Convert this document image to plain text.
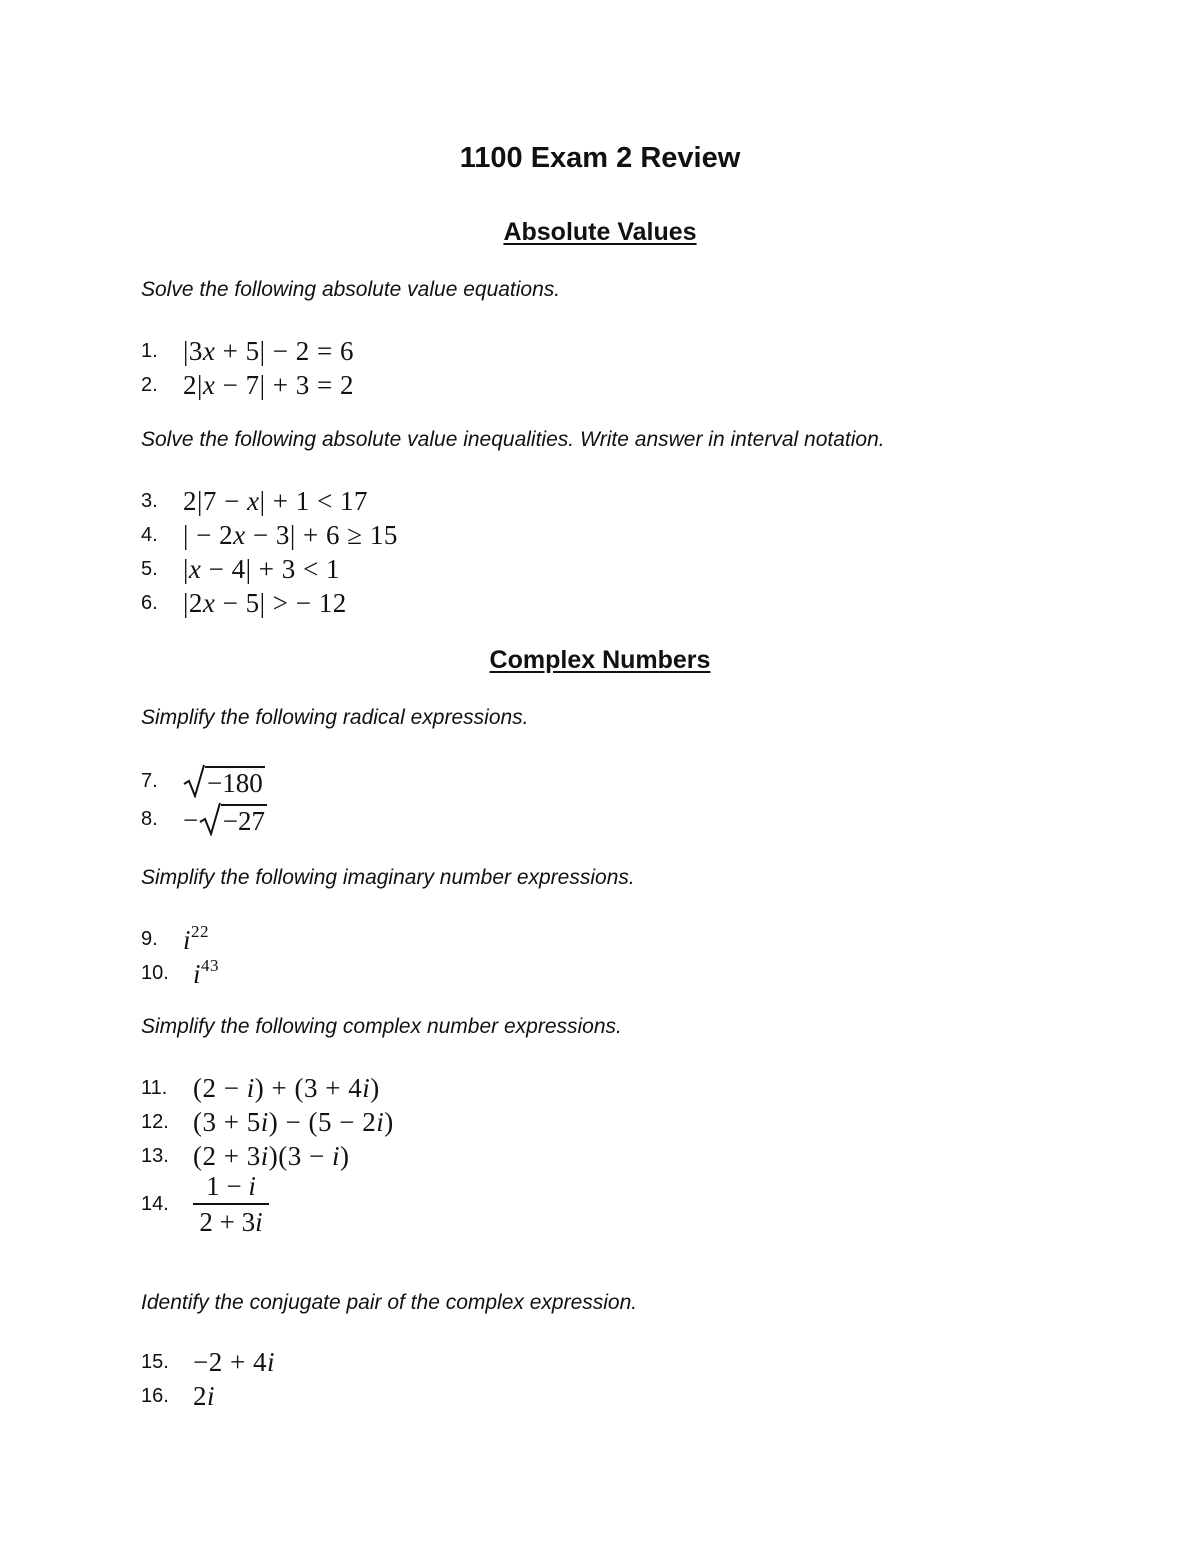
1100 Exam 2 Review
Absolute Values
Solve the following absolute value equations.
1. |3x + 5| − 2 = 6
2. 2|x − 7| + 3 = 2
Solve the following absolute value inequalities. Write answer in interval notation.
3. 2|7 − x| + 1 < 17
4. | − 2x − 3| + 6 ≥ 15
5. |x − 4| + 3 < 1
6. |2x − 5| > − 12
Complex Numbers
Simplify the following radical expressions.
7.	−180
8. − −27
Simplify the following imaginary number expressions.
9. $i^{22}$
10. $i^{43}$
Simplify the following complex number expressions.
11. (2 − i) + (3 + 4i)
12. (3 + 5i) − (5 − 2i)
13. (2 + 3i)(3 − i)
14. $\frac{1 - i}{2 + 3i}$
Identify the conjugate pair of the complex expression.
15. −2 + 4i
16. 2i
